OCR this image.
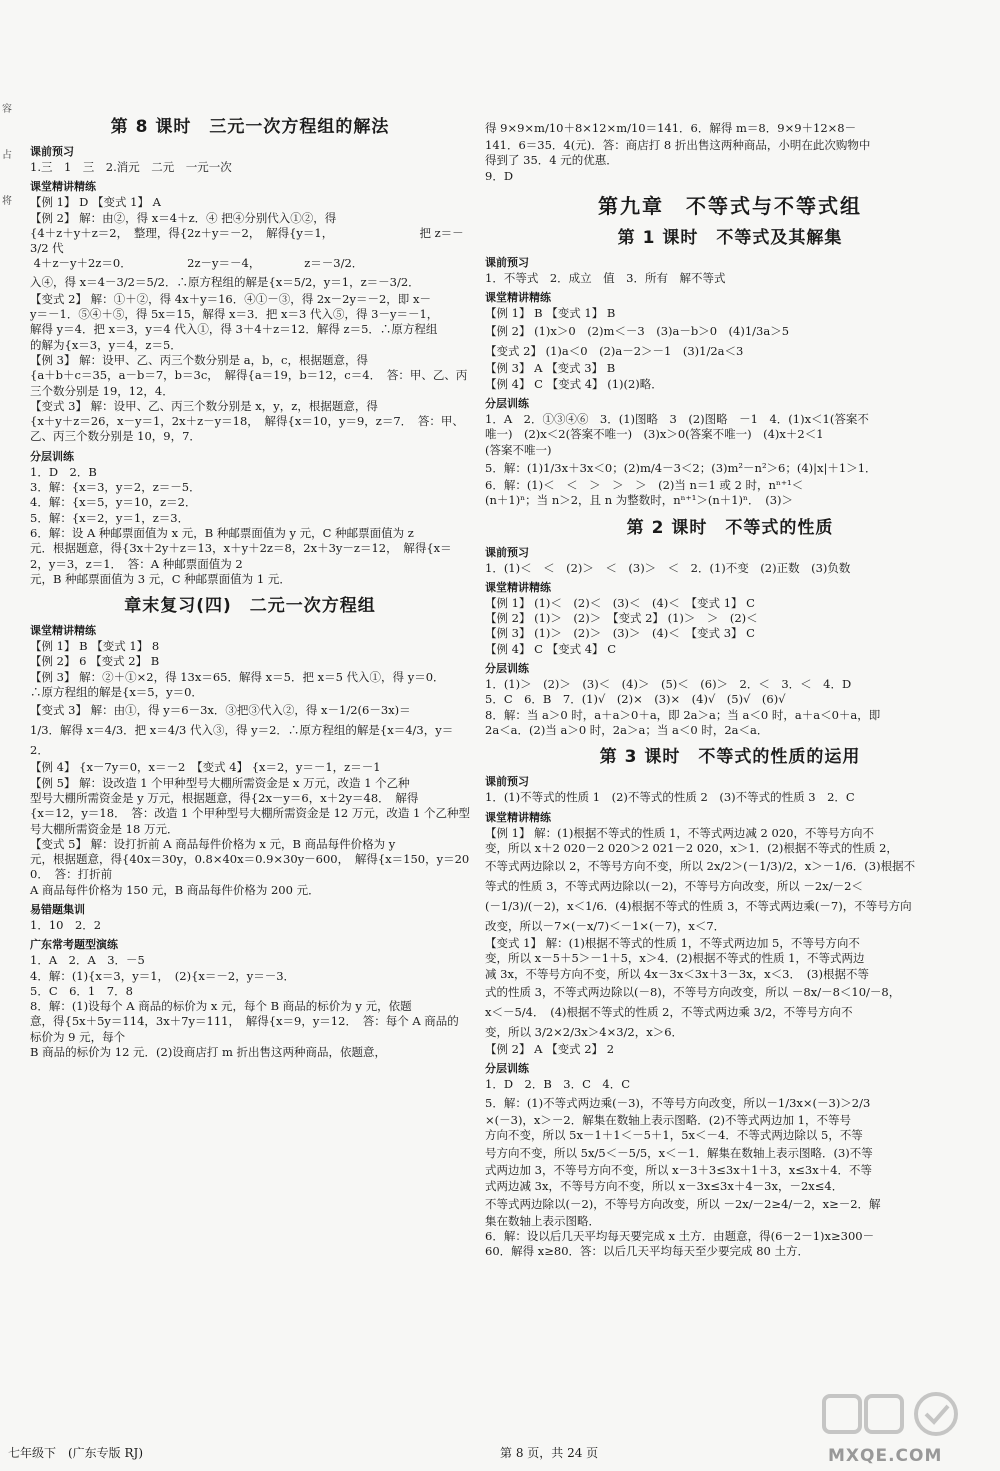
容
占
将
第 8 课时　三元一次方程组的解法
课前预习
1.三　1　三　2.消元　二元　一元一次
课堂精讲精练
【例 1】 D 【变式 1】 A
【例 2】 解：由②，得 x＝4＋z．④ 把④分别代入①②，得
{4＋z＋y＋z＝2，　整理，得{2z＋y＝－2，　解得{y＝1，　　　　　　　　把 z＝－3/2 代
4＋z－y＋2z＝0．　　　　　 2z－y＝－4，　　　　 z＝－3/2．
入④，得 x＝4－3/2＝5/2．∴原方程组的解是{x＝5/2，y＝1，z＝－3/2．
【变式 2】 解：①＋②，得 4x＋y＝16．④①－③，得 2x－2y＝－2，即 x－
y＝－1．⑤④＋⑤，得 5x＝15，解得 x＝3．把 x＝3 代入⑤，得 3－y＝－1，
解得 y＝4．把 x＝3，y＝4 代入①，得 3＋4＋z＝12．解得 z＝5．∴原方程组
的解为{x＝3，y＝4，z＝5．
【例 3】 解：设甲、乙、丙三个数分别是 a，b，c，根据题意，得
{a＋b＋c＝35，a－b＝7，b＝3c，　解得{a＝19，b＝12，c＝4．　答：甲、乙、丙三个数分别是 19，12，4．
【变式 3】 解：设甲、乙、丙三个数分别是 x，y，z，根据题意，得
{x＋y＋z＝26，x－y＝1，2x＋z－y＝18，　解得{x＝10，y＝9，z＝7．　答：甲、乙、丙三个数分别是 10，9，7．
分层训练
1．D　2．B
3．解：{x＝3，y＝2，z＝－5．
4．解：{x＝5，y＝10，z＝2．
5．解：{x＝2，y＝1，z＝3．
6．解：设 A 种邮票面值为 x 元，B 种邮票面值为 y 元，C 种邮票面值为 z
元．根据题意，得{3x＋2y＋z＝13，x＋y＋2z＝8，2x＋3y－z＝12，　解得{x＝2，y＝3，z＝1．　答：A 种邮票面值为 2
元，B 种邮票面值为 3 元，C 种邮票面值为 1 元．
章末复习(四)　二元一次方程组
课堂精讲精练
【例 1】 B 【变式 1】 8
【例 2】 6 【变式 2】 B
【例 3】 解：②＋①×2，得 13x＝65．解得 x＝5．把 x＝5 代入①，得 y＝0．
∴原方程组的解是{x＝5，y＝0．
【变式 3】 解：由①，得 y＝6－3x．③把③代入②，得 x－1/2(6－3x)＝
1/3．解得 x＝4/3．把 x＝4/3 代入③，得 y＝2．∴原方程组的解是{x＝4/3，y＝2．
【例 4】 {x－7y＝0，x＝－2　【变式 4】 {x＝2，y＝－1，z＝－1
【例 5】 解：设改造 1 个甲种型号大棚所需资金是 x 万元，改造 1 个乙种
型号大棚所需资金是 y 万元，根据题意，得{2x－y＝6，x＋2y＝48．　解得
{x＝12，y＝18．　答：改造 1 个甲种型号大棚所需资金是 12 万元，改造 1 个乙种型
号大棚所需资金是 18 万元．
【变式 5】 解：设打折前 A 商品每件价格为 x 元，B 商品每件价格为 y
元，根据题意，得{40x＝30y，0.8×40x＝0.9×30y－600，　解得{x＝150，y＝200．　答：打折前
A 商品每件价格为 150 元，B 商品每件价格为 200 元．
易错题集训
1．10　2．2
广东常考题型演练
1．A　2．A　3．－5
4．解：(1){x＝3，y＝1，　(2){x＝－2，y＝－3．
5．C　6．1　7．8
8．解：(1)设每个 A 商品的标价为 x 元，每个 B 商品的标价为 y 元，依题
意，得{5x＋5y＝114，3x＋7y＝111，　解得{x＝9，y＝12．　答：每个 A 商品的标价为 9 元，每个
B 商品的标价为 12 元．(2)设商店打 m 折出售这两种商品，依题意，
得 9×9×m/10＋8×12×m/10＝141．6．解得 m＝8．9×9＋12×8－
141．6＝35．4(元)．答：商店打 8 折出售这两种商品，小明在此次购物中
得到了 35．4 元的优惠．
9．D
第九章　不等式与不等式组
第 1 课时　不等式及其解集
课前预习
1．不等式　2．成立　值　3．所有　解不等式
课堂精讲精练
【例 1】 B 【变式 1】 B
【例 2】 (1)x＞0　(2)m＜－3　(3)a－b＞0　(4)1/3a＞5
【变式 2】 (1)a＜0　(2)a－2＞－1　(3)1/2a＜3
【例 3】 A 【变式 3】 B
【例 4】 C 【变式 4】 (1)(2)略．
分层训练
1．A　2．①③④⑥　3．(1)图略　3　(2)图略　－1　4．(1)x＜1(答案不
唯一)　(2)x＜2(答案不唯一)　(3)x＞0(答案不唯一)　(4)x＋2＜1
(答案不唯一)
5．解：(1)1/3x＋3x＜0；(2)m/4－3＜2；(3)m²－n²＞6；(4)|x|＋1＞1．
6．解：(1)＜　＜　＞　＞　＞　(2)当 n＝1 或 2 时，nⁿ⁺¹＜
(n＋1)ⁿ；当 n＞2，且 n 为整数时，nⁿ⁺¹＞(n＋1)ⁿ．　(3)＞
第 2 课时　不等式的性质
课前预习
1．(1)＜　＜　(2)＞　＜　(3)＞　＜　2．(1)不变　(2)正数　(3)负数
课堂精讲精练
【例 1】 (1)＜　(2)＜　(3)＜　(4)＜　【变式 1】 C
【例 2】 (1)＞　(2)＞　【变式 2】 (1)＞　＞　(2)＜
【例 3】 (1)＞　(2)＞　(3)＞　(4)＜　【变式 3】 C
【例 4】 C 【变式 4】 C
分层训练
1．(1)＞　(2)＞　(3)＜　(4)＞　(5)＜　(6)＞　2．＜　3．＜　4．D
5．C　6．B　7．(1)√　(2)×　(3)×　(4)√　(5)√　(6)√
8．解：当 a＞0 时，a＋a＞0＋a，即 2a＞a；当 a＜0 时，a＋a＜0＋a，即
2a＜a．(2)当 a＞0 时，2a＞a；当 a＜0 时，2a＜a．
第 3 课时　不等式的性质的运用
课前预习
1．(1)不等式的性质 1　(2)不等式的性质 2　(3)不等式的性质 3　2．C
课堂精讲精练
【例 1】 解：(1)根据不等式的性质 1，不等式两边减 2 020，不等号方向不
变，所以 x＋2 020－2 020＞2 021－2 020，x＞1．(2)根据不等式的性质 2，
不等式两边除以 2，不等号方向不变，所以 2x/2＞(－1/3)/2，x＞－1/6．(3)根据不
等式的性质 3，不等式两边除以(－2)，不等号方向改变，所以 －2x/－2＜
(－1/3)/(－2)，x＜1/6．(4)根据不等式的性质 3，不等式两边乘(－7)，不等号方向
改变，所以－7×(－x/7)＜－1×(－7)，x＜7．
【变式 1】 解：(1)根据不等式的性质 1，不等式两边加 5，不等号方向不
变，所以 x－5＋5＞－1＋5，x＞4．(2)根据不等式的性质 1，不等式两边
减 3x，不等号方向不变，所以 4x－3x＜3x＋3－3x，x＜3．　(3)根据不等
式的性质 3，不等式两边除以(－8)，不等号方向改变，所以 －8x/－8＜10/－8，
x＜－5/4．　(4)根据不等式的性质 2，不等式两边乘 3/2，不等号方向不
变，所以 3/2×2/3x＞4×3/2，x＞6．
【例 2】 A 【变式 2】 2
分层训练
1．D　2．B　3．C　4．C
5．解：(1)不等式两边乘(－3)，不等号方向改变，所以－1/3x×(－3)＞2/3
×(－3)，x＞－2．解集在数轴上表示图略．(2)不等式两边加 1，不等号
方向不变，所以 5x－1＋1＜－5＋1，5x＜－4．不等式两边除以 5，不等
号方向不变，所以 5x/5＜－5/5，x＜－1．解集在数轴上表示图略．(3)不等
式两边加 3，不等号方向不变，所以 x－3＋3≤3x＋1＋3，x≤3x＋4．不等
式两边减 3x，不等号方向不变，所以 x－3x≤3x＋4－3x，－2x≤4．
不等式两边除以(－2)，不等号方向改变，所以 －2x/－2≥4/－2，x≥－2．解
集在数轴上表示图略．
6．解：设以后几天平均每天要完成 x 土方．由题意，得(6－2－1)x≥300－
60．解得 x≥80．答：以后几天平均每天至少要完成 80 土方．
七年级下　(广东专版 RJ)	第 8 页，共 24 页	MXQE.COM
